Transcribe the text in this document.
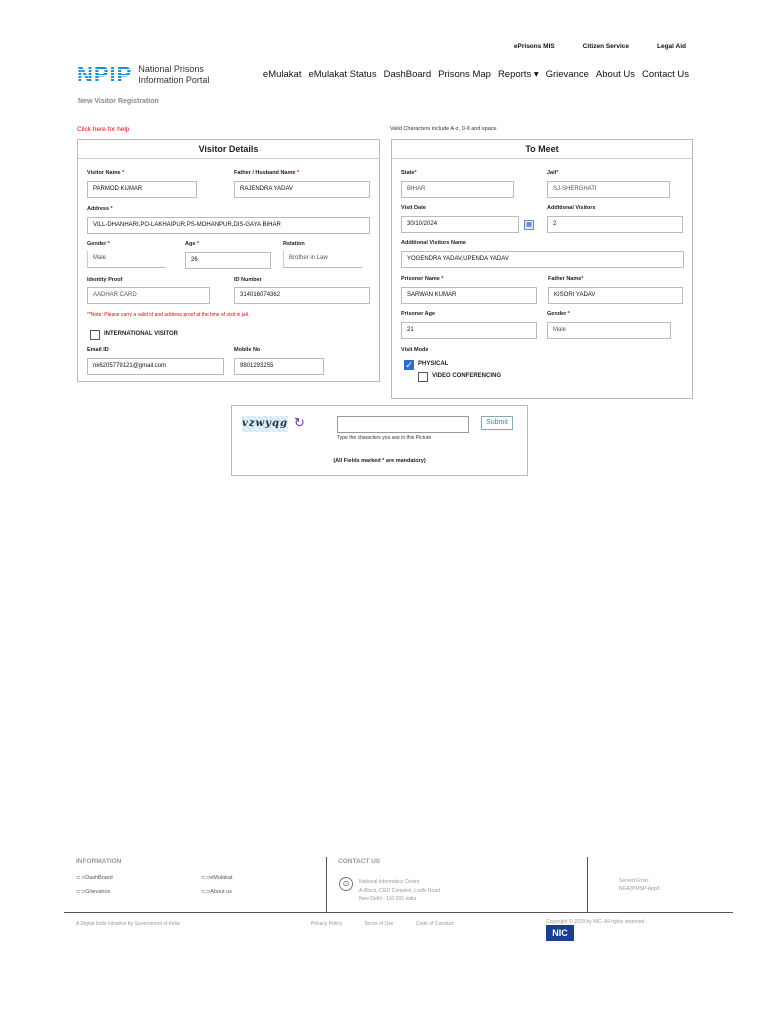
ePrisons MIS	Citizen Service	Legal Aid
NPIP National Prisons
Information Portal	eMulakat eMulakat Status DashBoard Prisons Map Reports ▾ Grievance About Us Contact Us
New Visitor Registration
Click here for help	Valid Characters include A-z, 0-9 and space.
Visitor Details
Visitor Name *
PARMOD KUMAR
Father / Husband Name *
RAJENDRA YADAV
Address *
VILL-DHANHARI,PO-LAKHAIPUR,PS-MOHANPUR,DIS-GAYA BIHAR
Gender *
Male
Age *
26
Relation
Brother in Law
Identity Proof
AADHAR CARD
ID Number
314016074362
**Note: Please carry a valid id and address proof at the time of visit in jail.
INTERNATIONAL VISITOR
Email ID
nk6205779121@gmail.com
Mobile No
9801293255
To Meet
State*
BIHAR
Jail*
SJ-SHERGHATI
Visit Date
30/10/2024	▦
Additional Visitors
2
Additional Visitors Name
YOGENDRA YADAV,UPENDA YADAV
Prisoner Name *
SARWAN KUMAR
Father Name*
KISORI YADAV
Prisoner Age
21
Gender *
Male
Visit Mode
✓ PHYSICAL
VIDEO CONFERENCING
vzwyqg ↻	Submit
Type the characters you see in this Picture
(All Fields marked * are mandatory)
INFORMATION
⊂⊃DashBoard	⊂⊃eMulakat
⊂⊃Grievance	⊂⊃About us
CONTACT US
⊙	National Informatics Centre
A-Block, CGO Complex, Lodhi Road
New Delhi - 110 003 India
Served From :
NG42PMSP-App3
A Digital India Initiative by Government of India	Privacy Policy	Terms of Use	Code of Conduct	Copyright © 2018 by NIC. All rights reserved
NIC
